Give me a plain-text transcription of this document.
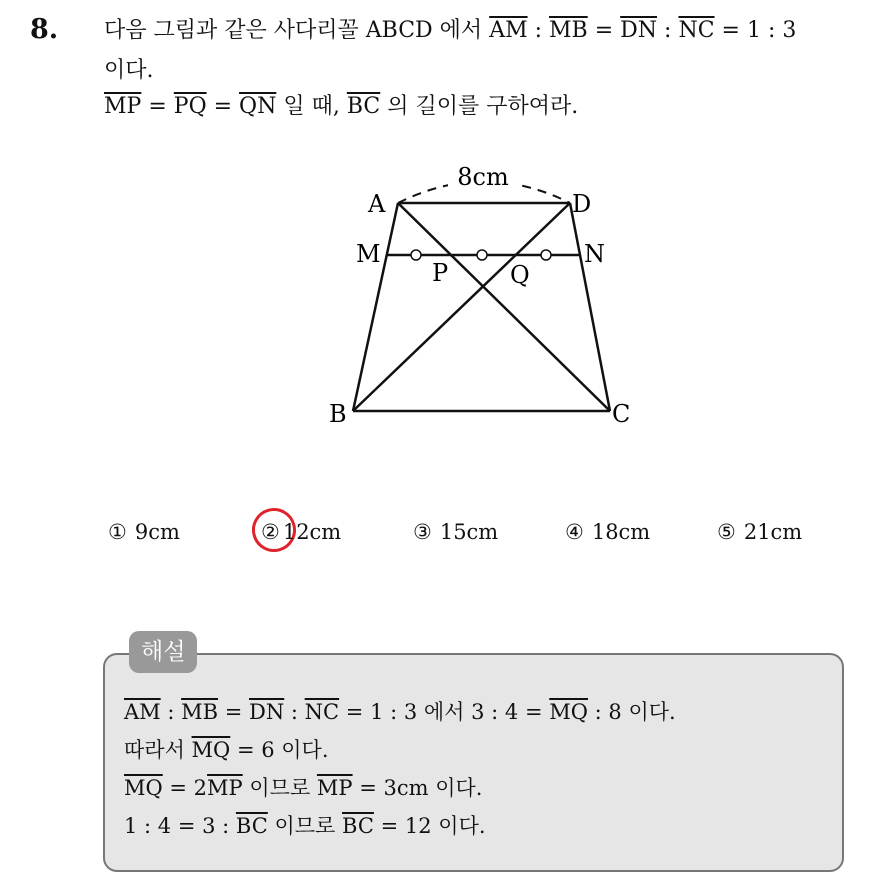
8. 다음 그림과 같은 사다리꼴 ABCD 에서 $\overline{AM}$ : $\overline{MB} = \overline{DN}$ : $\overline{NC} = 1$ : 3
이다.
$\overline{MP} = \overline{PQ} = \overline{QN}$ 일 때, $\overline{BC}$ 의 길이를 구하여라.
8cm
A	D
M	N
P	Q
B	C
① 9cm	② 12cm	③ 15cm	④ 18cm	⑤ 21cm
해설
$\overline{AM}$ : $\overline{MB} = \overline{DN}$ : $\overline{NC} = 1$ : 3 에서 3 : $4 = \overline{MQ}$ : 8 이다.
따라서 $\overline{MQ} = 6$ 이다.
$\overline{MQ} = 2\overline{MP}$ 이므로 $\overline{MP} = 3cm$ 이다.
1 : 4 = 3 : $\overline{BC}$ 이므로 $\overline{BC} = 12$ 이다.
